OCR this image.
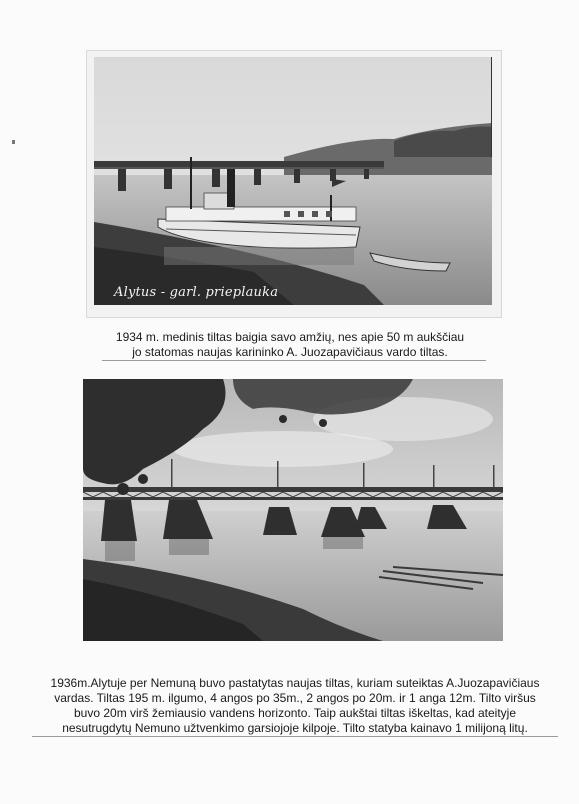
Alytus - garl. prieplauka
1934 m. medinis tiltas baigia savo amžių, nes apie 50 m aukščiau
jo statomas naujas karininko A. Juozapavičiaus vardo tiltas.
1936m.Alytuje per Nemuną buvo pastatytas naujas tiltas, kuriam suteiktas A.Juozapavičiaus
vardas. Tiltas 195 m. ilgumo, 4 angos po 35m., 2 angos po 20m. ir 1 anga 12m. Tilto viršus
buvo 20m virš žemiausio vandens horizonto. Taip aukštai tiltas iškeltas, kad ateityje
nesutrugdytų Nemuno užtvenkimo garsiojoje kilpoje. Tilto statyba kainavo 1 milijoną litų.
